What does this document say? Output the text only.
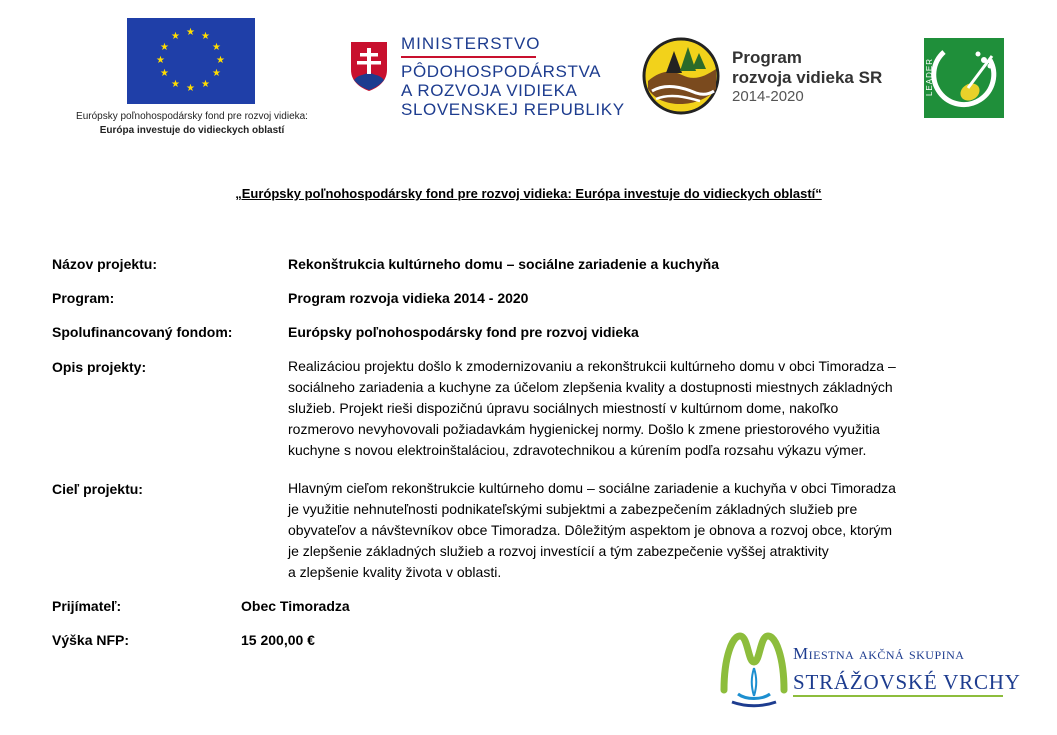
★ ★
★
★
★
★
★
★
★
★
★
★
Európsky poľnohospodársky fond pre rozvoj vidieka:
Európa investuje do vidieckych oblastí
MINISTERSTVO
PÔDOHOSPODÁRSTVA
A ROZVOJA VIDIEKA
SLOVENSKEJ REPUBLIKY
Program
rozvoja vidieka SR
2014-2020
LEADER
„Európsky poľnohospodársky fond pre rozvoj vidieka: Európa investuje do vidieckych oblastí“
Názov projektu:	Rekonštrukcia kultúrneho domu – sociálne zariadenie a kuchyňa
Program:	Program rozvoja vidieka 2014 - 2020
Spolufinancovaný fondom:	Európsky poľnohospodársky fond pre rozvoj vidieka
Opis projekty:	Realizáciou projektu došlo k zmodernizovaniu a rekonštrukcii kultúrneho domu v obci Timoradza –
sociálneho zariadenia a kuchyne za účelom zlepšenia kvality a dostupnosti miestnych základných
služieb. Projekt rieši dispozičnú úpravu sociálnych miestností v kultúrnom dome, nakoľko
rozmerovo nevyhovovali požiadavkám hygienickej normy. Došlo k zmene priestorového využitia
kuchyne s novou elektroinštaláciou, zdravotechnikou a kúrením podľa rozsahu výkazu výmer.
Cieľ projektu:	Hlavným cieľom rekonštrukcie kultúrneho domu – sociálne zariadenie a kuchyňa v obci Timoradza
je využitie nehnuteľnosti podnikateľskými subjektmi a zabezpečením základných služieb pre
obyvateľov a návštevníkov obce Timoradza. Dôležitým aspektom je obnova a rozvoj obce, ktorým
je zlepšenie základných služieb a rozvoj investícií a tým zabezpečenie vyššej atraktivity
a zlepšenie kvality života v oblasti.
Prijímateľ:	Obec Timoradza
Výška NFP:	15 200,00 €
Miestna akčná skupina
STRÁŽOVSKÉ VRCHY
